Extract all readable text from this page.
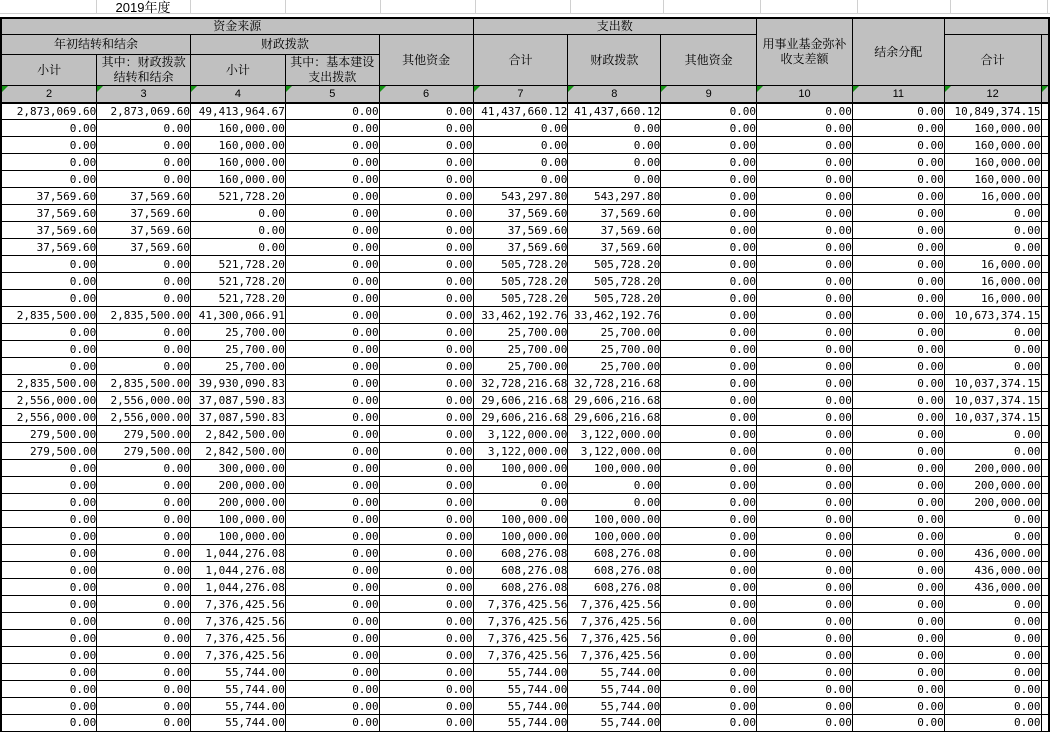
2019年度
资金来源					支出数			用事业基金弥补收支差额	结余分配		
年初结转和结余		财政拨款		其他资金	合计	财政拨款	其他资金			合计	
小计	其中：财政拨款结转和结余	小计	其中：基本建设支出拨款								

2	3	4	5	6	7	8	9	10	11	12	

2,873,069.60	2,873,069.60	49,413,964.67	0.00	0.00	41,437,660.12	41,437,660.12	0.00	0.00	0.00	10,849,374.15	
0.00	0.00	160,000.00	0.00	0.00	0.00	0.00	0.00	0.00	0.00	160,000.00	
0.00	0.00	160,000.00	0.00	0.00	0.00	0.00	0.00	0.00	0.00	160,000.00	
0.00	0.00	160,000.00	0.00	0.00	0.00	0.00	0.00	0.00	0.00	160,000.00	
0.00	0.00	160,000.00	0.00	0.00	0.00	0.00	0.00	0.00	0.00	160,000.00	
37,569.60	37,569.60	521,728.20	0.00	0.00	543,297.80	543,297.80	0.00	0.00	0.00	16,000.00	
37,569.60	37,569.60	0.00	0.00	0.00	37,569.60	37,569.60	0.00	0.00	0.00	0.00	
37,569.60	37,569.60	0.00	0.00	0.00	37,569.60	37,569.60	0.00	0.00	0.00	0.00	
37,569.60	37,569.60	0.00	0.00	0.00	37,569.60	37,569.60	0.00	0.00	0.00	0.00	
0.00	0.00	521,728.20	0.00	0.00	505,728.20	505,728.20	0.00	0.00	0.00	16,000.00	
0.00	0.00	521,728.20	0.00	0.00	505,728.20	505,728.20	0.00	0.00	0.00	16,000.00	
0.00	0.00	521,728.20	0.00	0.00	505,728.20	505,728.20	0.00	0.00	0.00	16,000.00	
2,835,500.00	2,835,500.00	41,300,066.91	0.00	0.00	33,462,192.76	33,462,192.76	0.00	0.00	0.00	10,673,374.15	
0.00	0.00	25,700.00	0.00	0.00	25,700.00	25,700.00	0.00	0.00	0.00	0.00	
0.00	0.00	25,700.00	0.00	0.00	25,700.00	25,700.00	0.00	0.00	0.00	0.00	
0.00	0.00	25,700.00	0.00	0.00	25,700.00	25,700.00	0.00	0.00	0.00	0.00	
2,835,500.00	2,835,500.00	39,930,090.83	0.00	0.00	32,728,216.68	32,728,216.68	0.00	0.00	0.00	10,037,374.15	
2,556,000.00	2,556,000.00	37,087,590.83	0.00	0.00	29,606,216.68	29,606,216.68	0.00	0.00	0.00	10,037,374.15	
2,556,000.00	2,556,000.00	37,087,590.83	0.00	0.00	29,606,216.68	29,606,216.68	0.00	0.00	0.00	10,037,374.15	
279,500.00	279,500.00	2,842,500.00	0.00	0.00	3,122,000.00	3,122,000.00	0.00	0.00	0.00	0.00	
279,500.00	279,500.00	2,842,500.00	0.00	0.00	3,122,000.00	3,122,000.00	0.00	0.00	0.00	0.00	
0.00	0.00	300,000.00	0.00	0.00	100,000.00	100,000.00	0.00	0.00	0.00	200,000.00	
0.00	0.00	200,000.00	0.00	0.00	0.00	0.00	0.00	0.00	0.00	200,000.00	
0.00	0.00	200,000.00	0.00	0.00	0.00	0.00	0.00	0.00	0.00	200,000.00	
0.00	0.00	100,000.00	0.00	0.00	100,000.00	100,000.00	0.00	0.00	0.00	0.00	
0.00	0.00	100,000.00	0.00	0.00	100,000.00	100,000.00	0.00	0.00	0.00	0.00	
0.00	0.00	1,044,276.08	0.00	0.00	608,276.08	608,276.08	0.00	0.00	0.00	436,000.00	
0.00	0.00	1,044,276.08	0.00	0.00	608,276.08	608,276.08	0.00	0.00	0.00	436,000.00	
0.00	0.00	1,044,276.08	0.00	0.00	608,276.08	608,276.08	0.00	0.00	0.00	436,000.00	
0.00	0.00	7,376,425.56	0.00	0.00	7,376,425.56	7,376,425.56	0.00	0.00	0.00	0.00	
0.00	0.00	7,376,425.56	0.00	0.00	7,376,425.56	7,376,425.56	0.00	0.00	0.00	0.00	
0.00	0.00	7,376,425.56	0.00	0.00	7,376,425.56	7,376,425.56	0.00	0.00	0.00	0.00	
0.00	0.00	7,376,425.56	0.00	0.00	7,376,425.56	7,376,425.56	0.00	0.00	0.00	0.00	
0.00	0.00	55,744.00	0.00	0.00	55,744.00	55,744.00	0.00	0.00	0.00	0.00	
0.00	0.00	55,744.00	0.00	0.00	55,744.00	55,744.00	0.00	0.00	0.00	0.00	
0.00	0.00	55,744.00	0.00	0.00	55,744.00	55,744.00	0.00	0.00	0.00	0.00	
0.00	0.00	55,744.00	0.00	0.00	55,744.00	55,744.00	0.00	0.00	0.00	0.00	
